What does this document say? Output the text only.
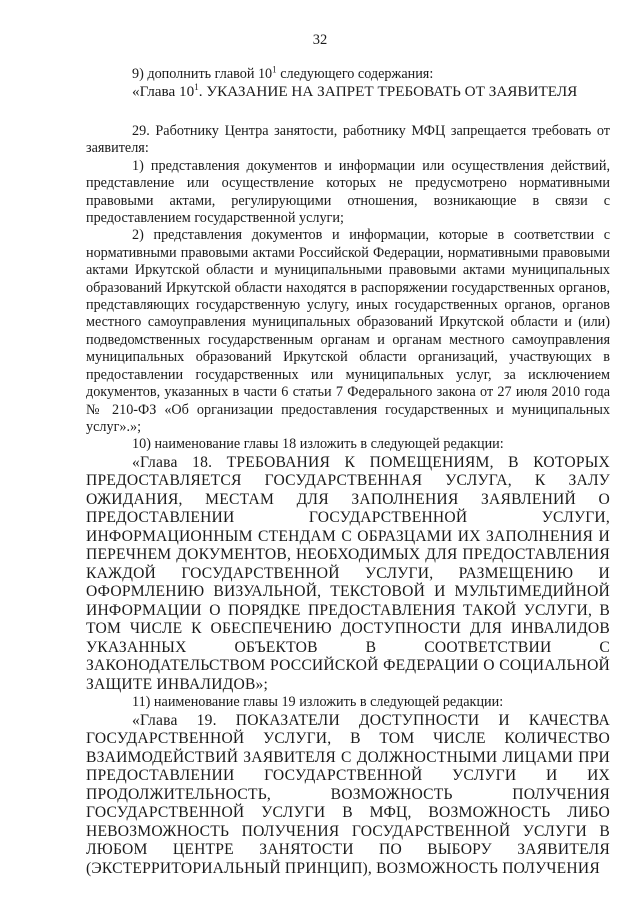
32

9) дополнить главой $10^1$ следующего содержания:

«Глава $10^1$. УКАЗАНИЕ НА ЗАПРЕТ ТРЕБОВАТЬ ОТ ЗАЯВИТЕЛЯ

29. Работнику Центра занятости, работнику МФЦ запрещается требовать от заявителя:

1) представления документов и информации или осуществления действий, представление или осуществление которых не предусмотрено нормативными правовыми актами, регулирующими отношения, возникающие в связи с предоставлением государственной услуги;

2) представления документов и информации, которые в соответствии с нормативными правовыми актами Российской Федерации, нормативными правовыми актами Иркутской области и муниципальными правовыми актами муниципальных образований Иркутской области находятся в распоряжении государственных органов, представляющих государственную услугу, иных государственных органов, органов местного самоуправления муниципальных образований Иркутской области и (или) подведомственных государственным органам и органам местного самоуправления муниципальных образований Иркутской области организаций, участвующих в предоставлении государственных или муниципальных услуг, за исключением документов, указанных в части 6 статьи 7 Федерального закона от 27 июля 2010 года № 210-ФЗ «Об организации предоставления государственных и муниципальных услуг».»;

10) наименование главы 18 изложить в следующей редакции:

«Глава 18. ТРЕБОВАНИЯ К ПОМЕЩЕНИЯМ, В КОТОРЫХ ПРЕДОСТАВЛЯЕТСЯ ГОСУДАРСТВЕННАЯ УСЛУГА, К ЗАЛУ ОЖИДАНИЯ, МЕСТАМ ДЛЯ ЗАПОЛНЕНИЯ ЗАЯВЛЕНИЙ О ПРЕДОСТАВЛЕНИИ ГОСУДАРСТВЕННОЙ УСЛУГИ, ИНФОРМАЦИОННЫМ СТЕНДАМ С ОБРАЗЦАМИ ИХ ЗАПОЛНЕНИЯ И ПЕРЕЧНЕМ ДОКУМЕНТОВ, НЕОБХОДИМЫХ ДЛЯ ПРЕДОСТАВЛЕНИЯ КАЖДОЙ ГОСУДАРСТВЕННОЙ УСЛУГИ, РАЗМЕЩЕНИЮ И ОФОРМЛЕНИЮ ВИЗУАЛЬНОЙ, ТЕКСТОВОЙ И МУЛЬТИМЕДИЙНОЙ ИНФОРМАЦИИ О ПОРЯДКЕ ПРЕДОСТАВЛЕНИЯ ТАКОЙ УСЛУГИ, В ТОМ ЧИСЛЕ К ОБЕСПЕЧЕНИЮ ДОСТУПНОСТИ ДЛЯ ИНВАЛИДОВ УКАЗАННЫХ ОБЪЕКТОВ В СООТВЕТСТВИИ С ЗАКОНОДАТЕЛЬСТВОМ РОССИЙСКОЙ ФЕДЕРАЦИИ О СОЦИАЛЬНОЙ ЗАЩИТЕ ИНВАЛИДОВ»;

11) наименование главы 19 изложить в следующей редакции:

«Глава 19. ПОКАЗАТЕЛИ ДОСТУПНОСТИ И КАЧЕСТВА ГОСУДАРСТВЕННОЙ УСЛУГИ, В ТОМ ЧИСЛЕ КОЛИЧЕСТВО ВЗАИМОДЕЙСТВИЙ ЗАЯВИТЕЛЯ С ДОЛЖНОСТНЫМИ ЛИЦАМИ ПРИ ПРЕДОСТАВЛЕНИИ ГОСУДАРСТВЕННОЙ УСЛУГИ И ИХ ПРОДОЛЖИТЕЛЬНОСТЬ, ВОЗМОЖНОСТЬ ПОЛУЧЕНИЯ ГОСУДАРСТВЕННОЙ УСЛУГИ В МФЦ, ВОЗМОЖНОСТЬ ЛИБО НЕВОЗМОЖНОСТЬ ПОЛУЧЕНИЯ ГОСУДАРСТВЕННОЙ УСЛУГИ В ЛЮБОМ ЦЕНТРЕ ЗАНЯТОСТИ ПО ВЫБОРУ ЗАЯВИТЕЛЯ (ЭКСТЕРРИТОРИАЛЬНЫЙ ПРИНЦИП), ВОЗМОЖНОСТЬ ПОЛУЧЕНИЯ
